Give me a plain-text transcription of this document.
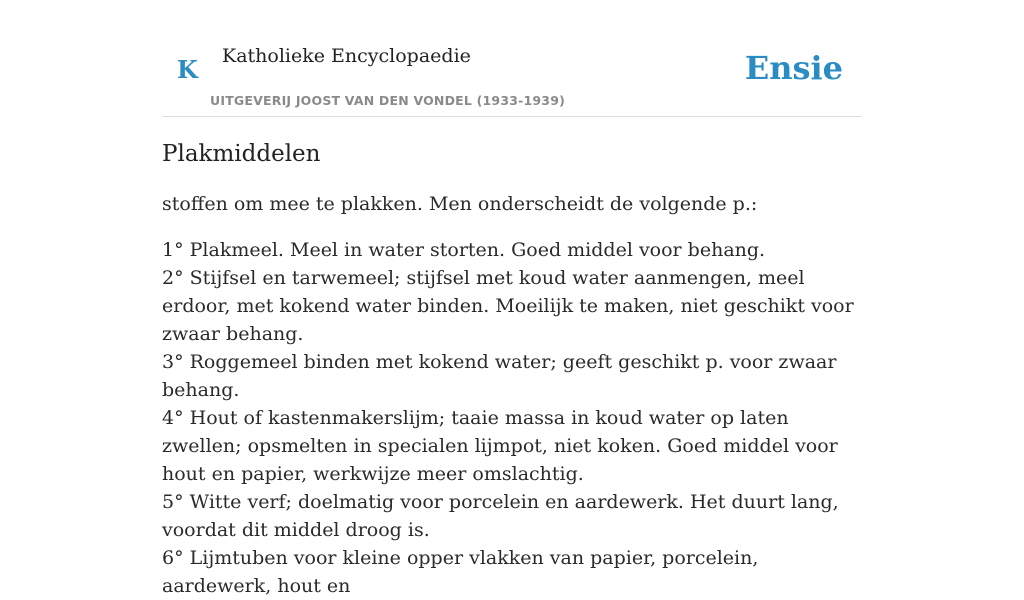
K Katholieke Encyclopaedie
UITGEVERIJ JOOST VAN DEN VONDEL (1933-1939)
Ensie
Plakmiddelen

stoffen om mee te plakken. Men onderscheidt de volgende p.:

1° Plakmeel. Meel in water storten. Goed middel voor behang.
2° Stijfsel en tarwemeel; stijfsel met koud water aanmengen, meel erdoor, met kokend water binden. Moeilijk te maken, niet geschikt voor zwaar behang.
3° Roggemeel binden met kokend water; geeft geschikt p. voor zwaar behang.
4° Hout of kastenmakerslijm; taaie massa in koud water op laten zwellen; opsmelten in specialen lijmpot, niet koken. Goed middel voor hout en papier, werkwijze meer omslachtig.
5° Witte verf; doelmatig voor porcelein en aardewerk. Het duurt lang, voordat dit middel droog is.
6° Lijmtuben voor kleine opper vlakken van papier, porcelein, aardewerk, hout en
